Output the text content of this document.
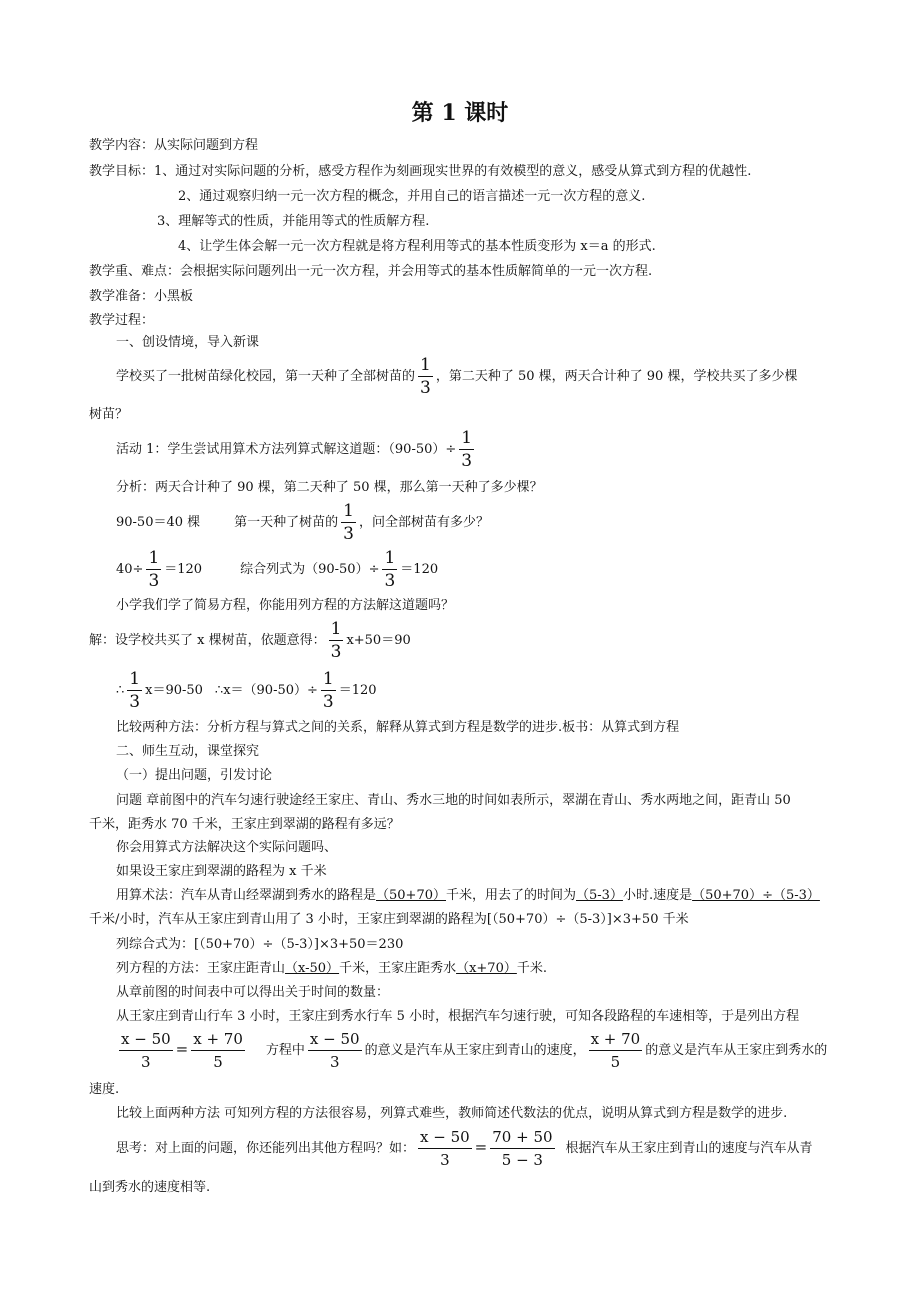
第 1 课时
教学内容：从实际问题到方程
教学目标：1、通过对实际问题的分析，感受方程作为刻画现实世界的有效模型的意义，感受从算式到方程的优越性.
2、通过观察归纳一元一次方程的概念，并用自己的语言描述一元一次方程的意义.
3、理解等式的性质，并能用等式的性质解方程.
4、让学生体会解一元一次方程就是将方程利用等式的基本性质变形为 x＝a 的形式.
教学重、难点：会根据实际问题列出一元一次方程，并会用等式的基本性质解简单的一元一次方程.
教学准备：小黑板
教学过程：
一、创设情境，导入新课
学校买了一批树苗绿化校园，第一天种了全部树苗的 $\frac{1}{3}$ ，第二天种了 50 棵，两天合计种了 90 棵，学校共买了多少棵
树苗？
活动 1：学生尝试用算术方法列算式解这道题：$(90-50)\div \frac{1}{3}$
分析：两天合计种了 90 棵，第二天种了 50 棵，那么第一天种了多少棵？
90-50＝40 棵	第一天种了树苗的 $\frac{1}{3}$ ，问全部树苗有多少？
$40\div \frac{1}{3} =120$	综合列式为$(90-50)\div \frac{1}{3} =120$
小学我们学了简易方程，你能用列方程的方法解这道题吗？
解：设学校共买了 x 棵树苗，依题意得： $\frac{1}{3} x+50=90$
∴ $\frac{1}{3} x=90-50$ ∴x＝（90-50）÷ $\frac{1}{3} =120$
比较两种方法：分析方程与算式之间的关系，解释从算式到方程是数学的进步.板书：从算式到方程
二、师生互动，课堂探究
（一）提出问题，引发讨论
问题 章前图中的汽车匀速行驶途经王家庄、青山、秀水三地的时间如表所示，翠湖在青山、秀水两地之间，距青山 50
千米，距秀水 70 千米，王家庄到翠湖的路程有多远？
你会用算式方法解决这个实际问题吗、
如果设王家庄到翠湖的路程为 x 千米
用算术法：汽车从青山经翠湖到秀水的路程是（50+70）千米，用去了的时间为（5-3）小时.速度是（50+70）÷（5-3）
千米/小时，汽车从王家庄到青山用了 3 小时，王家庄到翠湖的路程为[（50+70）÷（5-3）]×3+50 千米
列综合式为：[（50+70）÷（5-3）]×3+50＝230
列方程的方法：王家庄距青山（x-50）千米，王家庄距秀水（x+70）千米.
从章前图的时间表中可以得出关于时间的数量：
从王家庄到青山行车 3 小时，王家庄到秀水行车 5 小时，根据汽车匀速行驶，可知各段路程的车速相等，于是列出方程
$\frac{x - 50}{3} = \frac{x + 70}{5}$ 方程中 $\frac{x - 50}{3}$ 的意义是汽车从王家庄到青山的速度， $\frac{x + 70}{5}$ 的意义是汽车从王家庄到秀水的
速度.
比较上面两种方法 可知列方程的方法很容易，列算式难些，教师简述代数法的优点，说明从算式到方程是数学的进步.
思考：对上面的问题，你还能列出其他方程吗？如： $\frac{x - 50}{3} = \frac{70 + 50}{5 - 3}$ 根据汽车从王家庄到青山的速度与汽车从青
山到秀水的速度相等.
